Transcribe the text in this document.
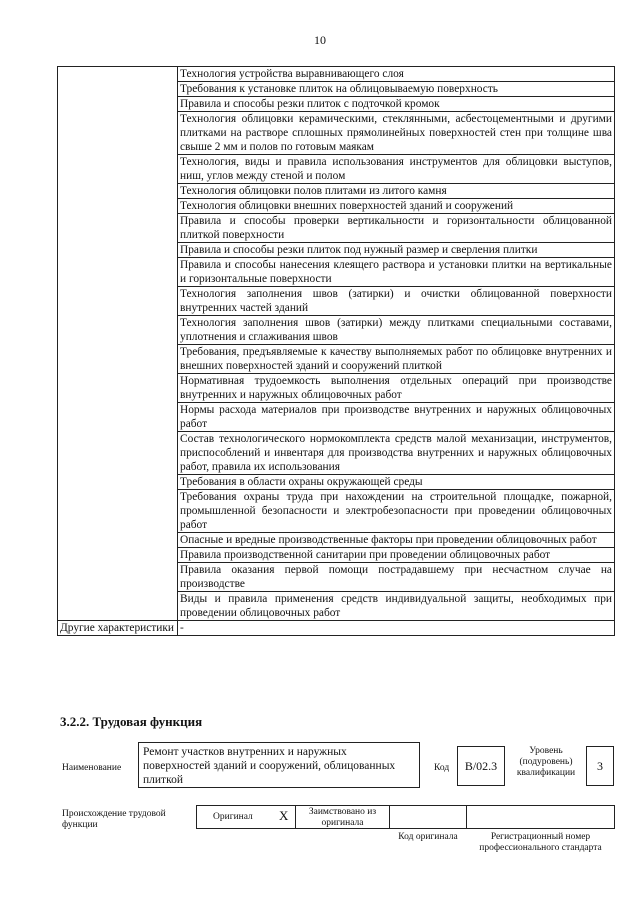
10
	Технология устройства выравнивающего слоя
	Требования к установке плиток на облицовываемую поверхность
	Правила и способы резки плиток с подточкой кромок
	Технология облицовки керамическими, стеклянными, асбестоцементными и другими плитками на растворе сплошных прямолинейных поверхностей стен при толщине шва свыше 2 мм и полов по готовым маякам
	Технология, виды и правила использования инструментов для облицовки выступов, ниш, углов между стеной и полом
	Технология облицовки полов плитами из литого камня
	Технология облицовки внешних поверхностей зданий и сооружений
	Правила и способы проверки вертикальности и горизонтальности облицованной плиткой поверхности
	Правила и способы резки плиток под нужный размер и сверления плитки
	Правила и способы нанесения клеящего раствора и установки плитки на вертикальные и горизонтальные поверхности
	Технология заполнения швов (затирки) и очистки облицованной поверхности внутренних частей зданий
	Технология заполнения швов (затирки) между плитками специальными составами, уплотнения и сглаживания швов
	Требования, предъявляемые к качеству выполняемых работ по облицовке внутренних и внешних поверхностей зданий и сооружений плиткой
	Нормативная трудоемкость выполнения отдельных операций при производстве внутренних и наружных облицовочных работ
	Нормы расхода материалов при производстве внутренних и наружных облицовочных работ
	Состав технологического нормокомплекта средств малой механизации, инструментов, приспособлений и инвентаря для производства внутренних и наружных облицовочных работ, правила их использования
	Требования в области охраны окружающей среды
	Требования охраны труда при нахождении на строительной площадке, пожарной, промышленной безопасности и электробезопасности при проведении облицовочных работ
	Опасные и вредные производственные факторы при проведении облицовочных работ
	Правила производственной санитарии при проведении облицовочных работ
	Правила оказания первой помощи пострадавшему при несчастном случае на производстве
	Виды и правила применения средств индивидуальной защиты, необходимых при проведении облицовочных работ
Другие характеристики	-
3.2.2. Трудовая функция
Наименование
Ремонт участков внутренних и наружных поверхностей зданий и сооружений, облицованных плиткой
Код	B/02.3
Уровень (подуровень) квалификации	3
Происхождение трудовой функции
Оригинал X	Заимствовано из оригинала
Код оригинала	Регистрационный номер профессионального стандарта
